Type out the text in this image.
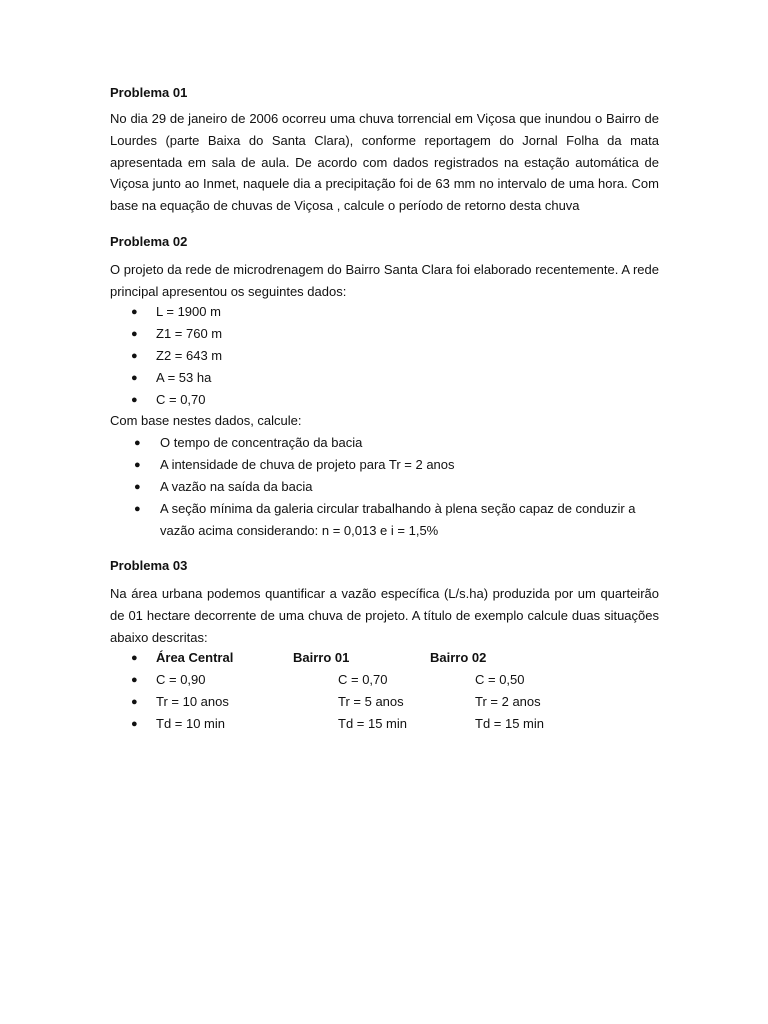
Problema 01

No dia 29 de janeiro de 2006 ocorreu uma chuva torrencial em Viçosa que inundou o Bairro de Lourdes (parte Baixa do Santa Clara), conforme reportagem do Jornal Folha da mata apresentada em sala de aula. De acordo com dados registrados na estação automática de Viçosa junto ao Inmet, naquele dia a precipitação foi de 63 mm no intervalo de uma hora. Com base na equação de chuvas de Viçosa , calcule o período de retorno desta chuva

Problema 02

O projeto da rede de microdrenagem do Bairro Santa Clara foi elaborado recentemente. A rede principal apresentou os seguintes dados:

● L = 1900 m
● Z1 = 760 m
● Z2 = 643 m
● A = 53 ha
● C = 0,70
Com base nestes dados, calcule:
● O tempo de concentração da bacia
● A intensidade de chuva de projeto para Tr = 2 anos
● A vazão na saída da bacia
● A seção mínima da galeria circular trabalhando à plena seção capaz de conduzir a
vazão acima considerando: n = 0,013 e i = 1,5%
Problema 03

Na área urbana podemos quantificar a vazão específica (L/s.ha) produzida por um quarteirão de 01 hectare decorrente de uma chuva de projeto. A título de exemplo calcule duas situações abaixo descritas:

● Área Central	Bairro 01	Bairro 02
● C = 0,90	C = 0,70	C = 0,50
● Tr = 10 anos	Tr = 5 anos	Tr = 2 anos
● Td = 10 min	Td = 15 min	Td = 15 min
